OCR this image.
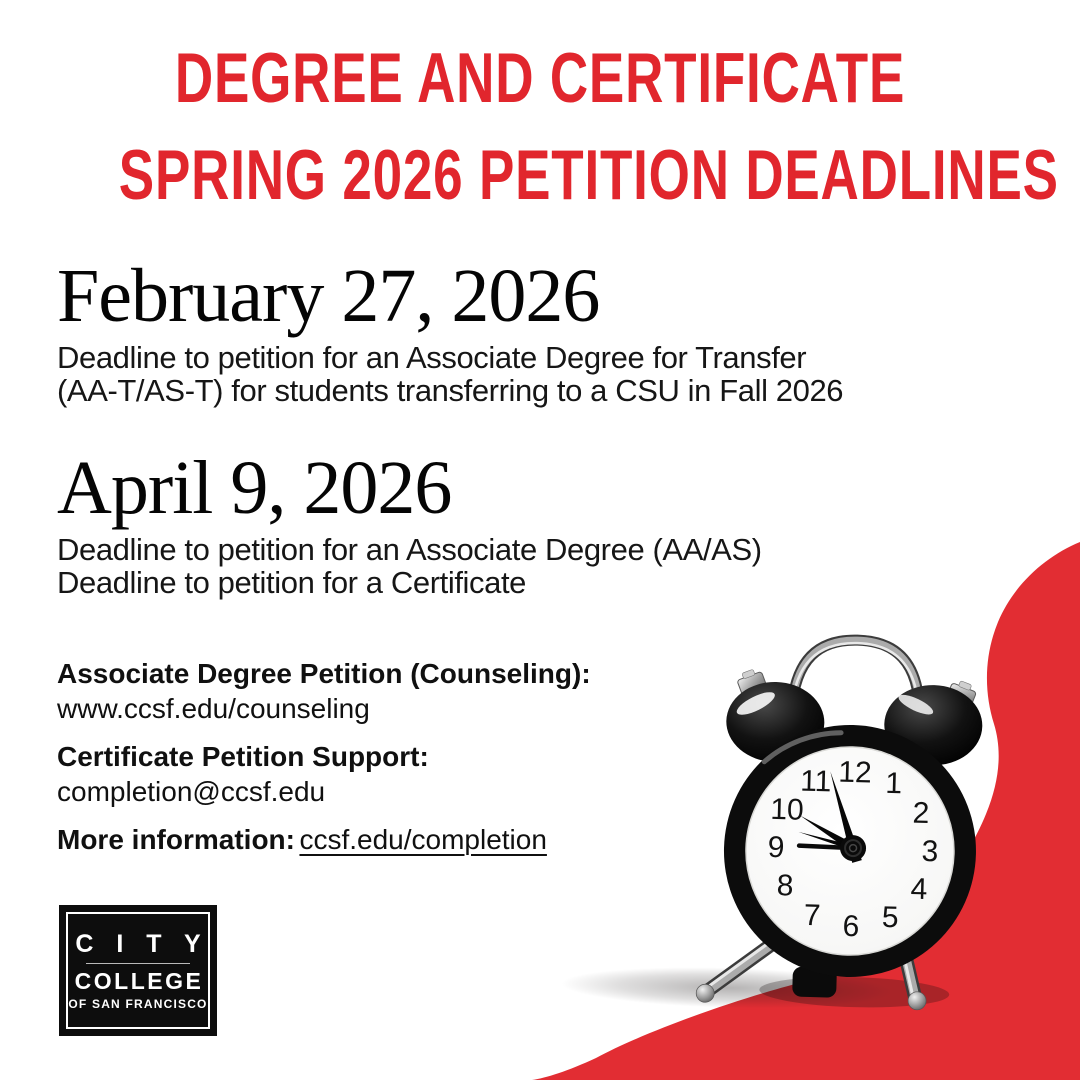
DEGREE AND CERTIFICATE
SPRING 2026 PETITION DEADLINES
February 27, 2026

Deadline to petition for an Associate Degree for Transfer
(AA-T/AS-T) for students transferring to a CSU in Fall 2026

April 9, 2026

Deadline to petition for an Associate Degree (AA/AS)
Deadline to petition for a Certificate

Associate Degree Petition (Counseling):
www.ccsf.edu/counseling
Certificate Petition Support:
completion@ccsf.edu
More information: ccsf.edu/completion
C I T Y
COLLEGE
OF SAN FRANCISCO
12 1
2
3
4
5
6
7
8
9
10
11
